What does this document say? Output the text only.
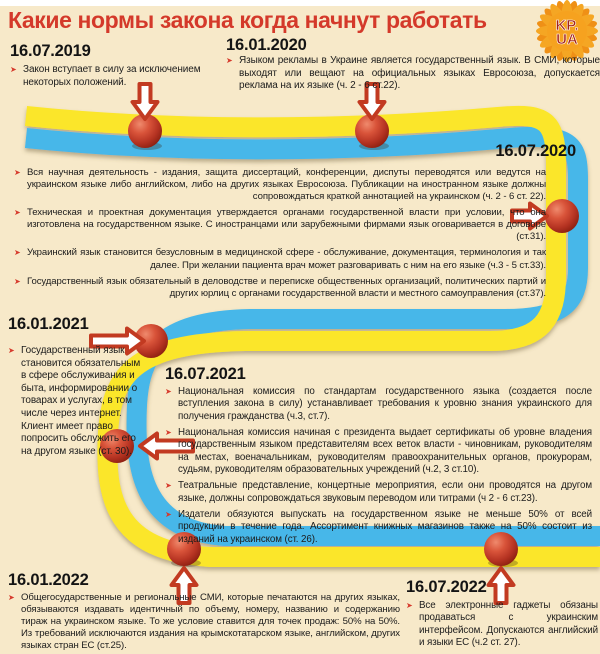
Какие нормы закона когда начнут работать	KP.
UA
16.07.2019
➤ Закон вступает в силу за исключением некоторых положений.
16.01.2020
➤ Языком рекламы в Украине является государственный язык. В СМИ, которые выходят или вещают на официальных языках Евросоюза, допускается реклама на их языке (ч. 2 - 6 ст.22).
16.07.2020
➤ Вся научная деятельность - издания, защита диссертаций, конференции, диспуты переводятся или ведутся на украинском языке либо английском, либо на других языках Евросоюза. Публикации на иностранном языке должны сопровождаться краткой аннотацией на украинском (ч. 2 - 6 ст. 22).
➤ Техническая и проектная документация утверждается органами государственной власти при условии, что она изготовлена на государственном языке. С иностранцами или зарубежными фирмами язык оговаривается в договоре (ст.31).
➤ Украинский язык становится безусловным в медицинской сфере - обслуживание, документация, терминология и так далее. При желании пациента врач может разговаривать с ним на его языке (ч.3 - 5 ст.33).
➤ Государственный язык обязательный в деловодстве и переписке общественных организаций, политических партий и других юрлиц с органами государственной власти и местного самоуправления (ст.37).
16.01.2021
➤ Государственный язык становится обязательным в сфере обслуживания и быта, информировании о товарах и услугах, в том числе через интернет. Клиент имеет право попросить обслужить его на другом языке (ст. 30).
16.07.2021
➤ Национальная комиссия по стандартам государственного языка (создается после вступления закона в силу) устанавливает требования к уровню знания украинского для получения гражданства (ч.3, ст.7).
➤ Национальная комиссия начиная с президента выдает сертификаты об уровне владения государственным языком представителям всех веток власти - чиновникам, руководителям на местах, военачальникам, руководителям правоохранительных органов, прокурорам, судьям, руководителям образовательных учреждений (ч.2, 3 ст.10).
➤ Театральные представление, концертные мероприятия, если они проводятся на другом языке, должны сопровождаться звуковым переводом или титрами (ч 2 - 6 ст.23).
➤ Издатели обязуются выпускать на государственном языке не меньше 50% от всей продукции в течение года. Ассортимент книжных магазинов также на 50% состоит из изданий на украинском (ст. 26).
16.01.2022
➤ Общегосударственные и региональные СМИ, которые печатаются на других языках, обязываются издавать идентичный по объему, номеру, названию и содержанию тираж на украинском языке. То же условие ставится для точек продаж: 50% на 50%. Из требований исключаются издания на крымскотатарском языке, английском, других языках стран ЕС (ст.25).
16.07.2022
➤ Все электронные гаджеты обязаны продаваться с украинским интерфейсом. Допускаются английский и языки ЕС (ч.2 ст. 27).
